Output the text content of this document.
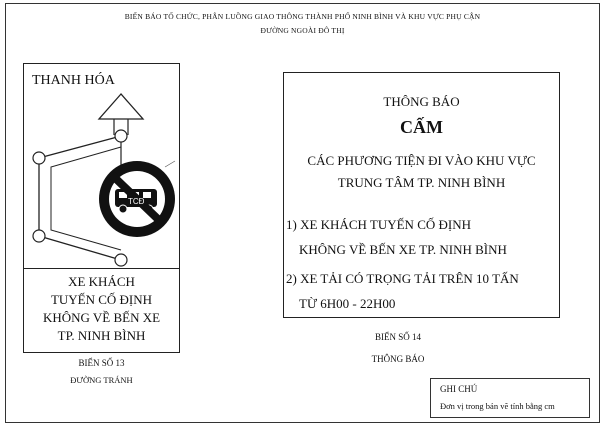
BIỂN BÁO TỔ CHỨC, PHÂN LUỒNG GIAO THÔNG THÀNH PHỐ NINH BÌNH VÀ KHU VỰC PHỤ CẬN
ĐƯỜNG NGOÀI ĐÔ THỊ
THANH HÓA
TCĐ
XE KHÁCH
TUYẾN CỐ ĐỊNH
KHÔNG VỀ BẾN XE
TP. NINH BÌNH
BIỂN SỐ 13
ĐƯỜNG TRÁNH
THÔNG BÁO
CẤM
CÁC PHƯƠNG TIỆN ĐI VÀO KHU VỰC
TRUNG TÂM TP. NINH BÌNH
1) XE KHÁCH TUYẾN CỐ ĐỊNH
KHÔNG VỀ BẾN XE TP. NINH BÌNH
2) XE TẢI CÓ TRỌNG TẢI TRÊN 10 TẤN
TỪ 6H00 - 22H00
BIỂN SỐ 14
THÔNG BÁO
GHI CHÚ
Đơn vị trong bản vẽ tính bằng cm
